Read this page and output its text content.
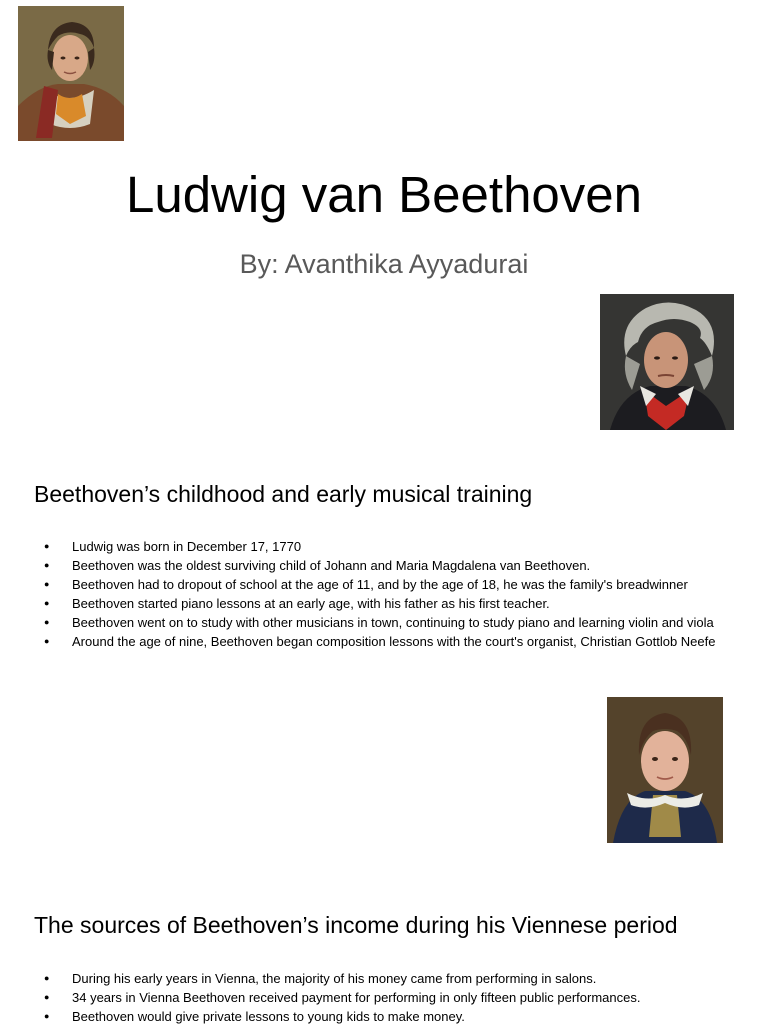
Ludwig van Beethoven

By: Avanthika Ayyadurai

Beethoven’s childhood and early musical training
● Ludwig was born in December 17, 1770
● Beethoven was the oldest surviving child of Johann and Maria Magdalena van Beethoven.
● Beethoven had to dropout of school at the age of 11, and by the age of 18, he was the family's breadwinner
● Beethoven started piano lessons at an early age, with his father as his first teacher.
● Beethoven went on to study with other musicians in town, continuing to study piano and learning violin and viola
● Around the age of nine, Beethoven began composition lessons with the court's organist, Christian Gottlob Neefe
The sources of Beethoven’s income during his Viennese period
● During his early years in Vienna, the majority of his money came from performing in salons.
● 34 years in Vienna Beethoven received payment for performing in only fifteen public performances.
● Beethoven would give private lessons to young kids to make money.
